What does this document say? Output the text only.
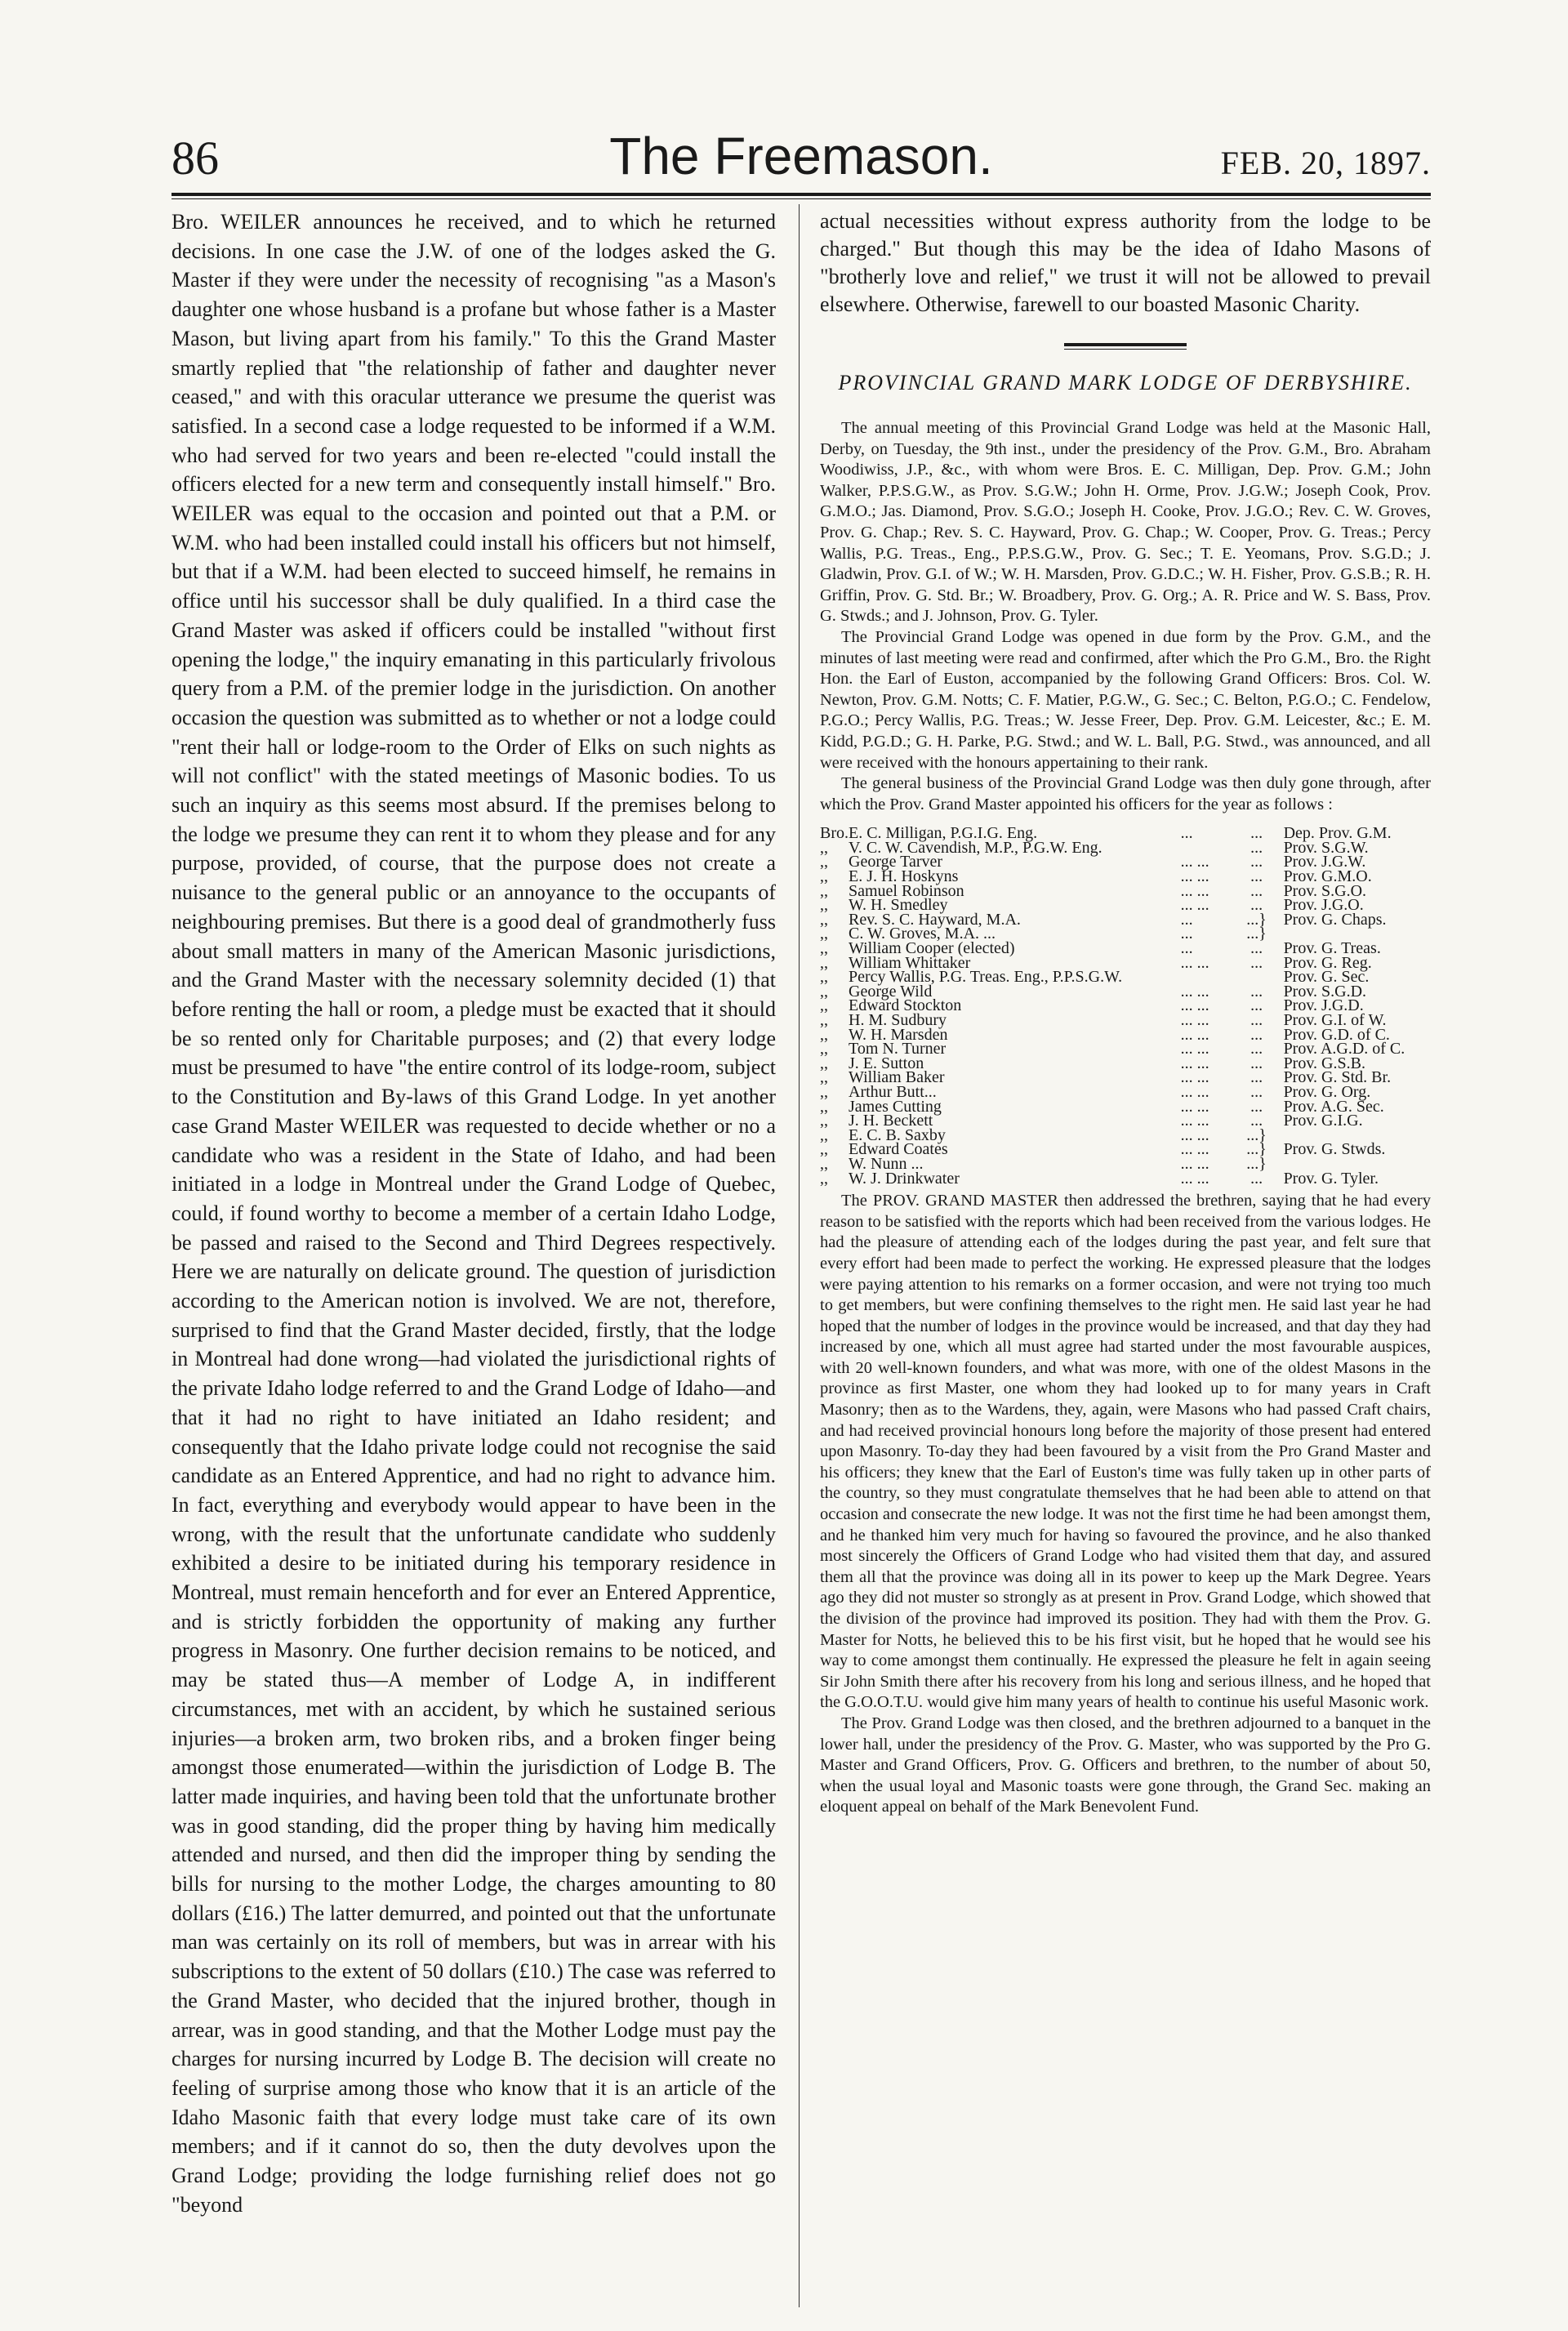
86	The Freemason.	FEB. 20, 1897.

Bro. WEILER announces he received, and to which he returned decisions. In one case the J.W. of one of the lodges asked the G. Master if they were under the necessity of recognising "as a Mason's daughter one whose husband is a profane but whose father is a Master Mason, but living apart from his family." To this the Grand Master smartly replied that "the relationship of father and daughter never ceased," and with this oracular utterance we presume the querist was satisfied. In a second case a lodge requested to be informed if a W.M. who had served for two years and been re-elected "could install the officers elected for a new term and consequently install himself." Bro. WEILER was equal to the occasion and pointed out that a P.M. or W.M. who had been installed could install his officers but not himself, but that if a W.M. had been elected to succeed himself, he remains in office until his successor shall be duly qualified. In a third case the Grand Master was asked if officers could be installed "without first opening the lodge," the inquiry emanating in this particularly frivolous query from a P.M. of the premier lodge in the jurisdiction. On another occasion the question was submitted as to whether or not a lodge could "rent their hall or lodge-room to the Order of Elks on such nights as will not conflict" with the stated meetings of Masonic bodies. To us such an inquiry as this seems most absurd. If the premises belong to the lodge we presume they can rent it to whom they please and for any purpose, provided, of course, that the purpose does not create a nuisance to the general public or an annoyance to the occupants of neighbouring premises. But there is a good deal of grandmotherly fuss about small matters in many of the American Masonic jurisdictions, and the Grand Master with the necessary solemnity decided (1) that before renting the hall or room, a pledge must be exacted that it should be so rented only for Charitable purposes; and (2) that every lodge must be presumed to have "the entire control of its lodge-room, subject to the Constitution and By-laws of this Grand Lodge. In yet another case Grand Master WEILER was requested to decide whether or no a candidate who was a resident in the State of Idaho, and had been initiated in a lodge in Montreal under the Grand Lodge of Quebec, could, if found worthy to become a member of a certain Idaho Lodge, be passed and raised to the Second and Third Degrees respectively. Here we are naturally on delicate ground. The question of jurisdiction according to the American notion is involved. We are not, therefore, surprised to find that the Grand Master decided, firstly, that the lodge in Montreal had done wrong—had violated the jurisdictional rights of the private Idaho lodge referred to and the Grand Lodge of Idaho—and that it had no right to have initiated an Idaho resident; and consequently that the Idaho private lodge could not recognise the said candidate as an Entered Apprentice, and had no right to advance him. In fact, everything and everybody would appear to have been in the wrong, with the result that the unfortunate candidate who suddenly exhibited a desire to be initiated during his temporary residence in Montreal, must remain henceforth and for ever an Entered Apprentice, and is strictly forbidden the opportunity of making any further progress in Masonry. One further decision remains to be noticed, and may be stated thus—A member of Lodge A, in indifferent circumstances, met with an accident, by which he sustained serious injuries—a broken arm, two broken ribs, and a broken finger being amongst those enumerated—within the jurisdiction of Lodge B. The latter made inquiries, and having been told that the unfortunate brother was in good standing, did the proper thing by having him medically attended and nursed, and then did the improper thing by sending the bills for nursing to the mother Lodge, the charges amounting to 80 dollars (£16.) The latter demurred, and pointed out that the unfortunate man was certainly on its roll of members, but was in arrear with his subscriptions to the extent of 50 dollars (£10.) The case was referred to the Grand Master, who decided that the injured brother, though in arrear, was in good standing, and that the Mother Lodge must pay the charges for nursing incurred by Lodge B. The decision will create no feeling of surprise among those who know that it is an article of the Idaho Masonic faith that every lodge must take care of its own members; and if it cannot do so, then the duty devolves upon the Grand Lodge; providing the lodge furnishing relief does not go "beyond

actual necessities without express authority from the lodge to be charged." But though this may be the idea of Idaho Masons of "brotherly love and relief," we trust it will not be allowed to prevail elsewhere. Otherwise, farewell to our boasted Masonic Charity.

PROVINCIAL GRAND MARK LODGE OF DERBYSHIRE.

The annual meeting of this Provincial Grand Lodge was held at the Masonic Hall, Derby, on Tuesday, the 9th inst., under the presidency of the Prov. G.M., Bro. Abraham Woodiwiss, J.P., &c., with whom were Bros. E. C. Milligan, Dep. Prov. G.M.; John Walker, P.P.S.G.W., as Prov. S.G.W.; John H. Orme, Prov. J.G.W.; Joseph Cook, Prov. G.M.O.; Jas. Diamond, Prov. S.G.O.; Joseph H. Cooke, Prov. J.G.O.; Rev. C. W. Groves, Prov. G. Chap.; Rev. S. C. Hayward, Prov. G. Chap.; W. Cooper, Prov. G. Treas.; Percy Wallis, P.G. Treas., Eng., P.P.S.G.W., Prov. G. Sec.; T. E. Yeomans, Prov. S.G.D.; J. Gladwin, Prov. G.I. of W.; W. H. Marsden, Prov. G.D.C.; W. H. Fisher, Prov. G.S.B.; R. H. Griffin, Prov. G. Std. Br.; W. Broadbery, Prov. G. Org.; A. R. Price and W. S. Bass, Prov. G. Stwds.; and J. Johnson, Prov. G. Tyler.

The Provincial Grand Lodge was opened in due form by the Prov. G.M., and the minutes of last meeting were read and confirmed, after which the Pro G.M., Bro. the Right Hon. the Earl of Euston, accompanied by the following Grand Officers: Bros. Col. W. Newton, Prov. G.M. Notts; C. F. Matier, P.G.W., G. Sec.; C. Belton, P.G.O.; C. Fendelow, P.G.O.; Percy Wallis, P.G. Treas.; W. Jesse Freer, Dep. Prov. G.M. Leicester, &c.; E. M. Kidd, P.G.D.; G. H. Parke, P.G. Stwd.; and W. L. Ball, P.G. Stwd., was announced, and all were received with the honours appertaining to their rank.

The general business of the Provincial Grand Lodge was then duly gone through, after which the Prov. Grand Master appointed his officers for the year as follows :

Bro.	E. C. Milligan, P.G.I.G. Eng.	...	...	Dep. Prov. G.M.
,,	V. C. W. Cavendish, M.P., P.G.W. Eng.		...	Prov. S.G.W.
,,	George Tarver	... ...	...	Prov. J.G.W.
,,	E. J. H. Hoskyns	... ...	...	Prov. G.M.O.
,,	Samuel Robinson	... ...	...	Prov. S.G.O.
,,	W. H. Smedley	... ...	...	Prov. J.G.O.
,,	Rev. S. C. Hayward, M.A.	...	...}	Prov. G. Chaps.
,,	C. W. Groves, M.A. ...	...	...}	
,,	William Cooper (elected)	...	...	Prov. G. Treas.
,,	William Whittaker	... ...	...	Prov. G. Reg.
,,	Percy Wallis, P.G. Treas. Eng., P.P.S.G.W.			Prov. G. Sec.
,,	George Wild	... ...	...	Prov. S.G.D.
,,	Edward Stockton	... ...	...	Prov. J.G.D.
,,	H. M. Sudbury	... ...	...	Prov. G.I. of W.
,,	W. H. Marsden	... ...	...	Prov. G.D. of C.
,,	Tom N. Turner	... ...	...	Prov. A.G.D. of C.
,,	J. E. Sutton	... ...	...	Prov. G.S.B.
,,	William Baker	... ...	...	Prov. G. Std. Br.
,,	Arthur Butt...	... ...	...	Prov. G. Org.
,,	James Cutting	... ...	...	Prov. A.G. Sec.
,,	J. H. Beckett	... ...	...	Prov. G.I.G.
,,	E. C. B. Saxby	... ...	...}	
,,	Edward Coates	... ...	...}	Prov. G. Stwds.
,,	W. Nunn ...	... ...	...}	
,,	W. J. Drinkwater	... ...	...	Prov. G. Tyler.

The PROV. GRAND MASTER then addressed the brethren, saying that he had every reason to be satisfied with the reports which had been received from the various lodges. He had the pleasure of attending each of the lodges during the past year, and felt sure that every effort had been made to perfect the working. He expressed pleasure that the lodges were paying attention to his remarks on a former occasion, and were not trying too much to get members, but were confining themselves to the right men. He said last year he had hoped that the number of lodges in the province would be increased, and that day they had increased by one, which all must agree had started under the most favourable auspices, with 20 well-known founders, and what was more, with one of the oldest Masons in the province as first Master, one whom they had looked up to for many years in Craft Masonry; then as to the Wardens, they, again, were Masons who had passed Craft chairs, and had received provincial honours long before the majority of those present had entered upon Masonry. To-day they had been favoured by a visit from the Pro Grand Master and his officers; they knew that the Earl of Euston's time was fully taken up in other parts of the country, so they must congratulate themselves that he had been able to attend on that occasion and consecrate the new lodge. It was not the first time he had been amongst them, and he thanked him very much for having so favoured the province, and he also thanked most sincerely the Officers of Grand Lodge who had visited them that day, and assured them all that the province was doing all in its power to keep up the Mark Degree. Years ago they did not muster so strongly as at present in Prov. Grand Lodge, which showed that the division of the province had improved its position. They had with them the Prov. G. Master for Notts, he believed this to be his first visit, but he hoped that he would see his way to come amongst them continually. He expressed the pleasure he felt in again seeing Sir John Smith there after his recovery from his long and serious illness, and he hoped that the G.O.O.T.U. would give him many years of health to continue his useful Masonic work.

The Prov. Grand Lodge was then closed, and the brethren adjourned to a banquet in the lower hall, under the presidency of the Prov. G. Master, who was supported by the Pro G. Master and Grand Officers, Prov. G. Officers and brethren, to the number of about 50, when the usual loyal and Masonic toasts were gone through, the Grand Sec. making an eloquent appeal on behalf of the Mark Benevolent Fund.
